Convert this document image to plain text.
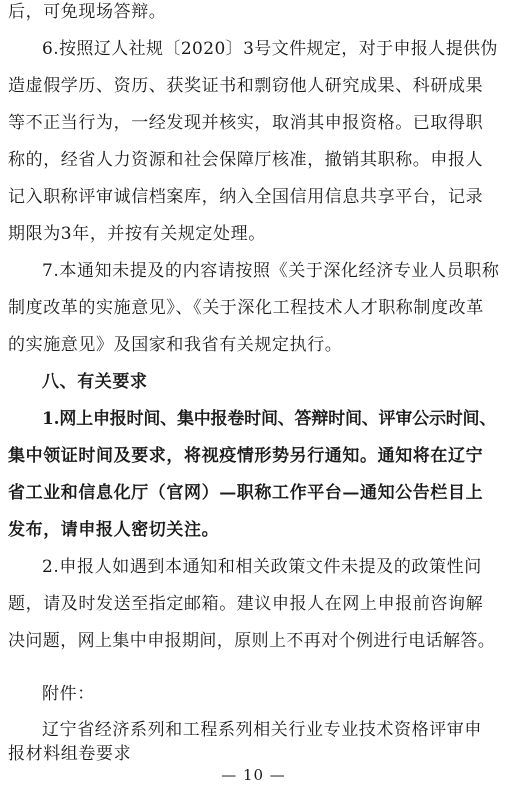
后，可免现场答辩。
6.按照辽人社规〔2020〕3号文件规定，对于申报人提供伪
造虚假学历、资历、获奖证书和剽窃他人研究成果、科研成果
等不正当行为，一经发现并核实，取消其申报资格。已取得职
称的，经省人力资源和社会保障厅核准，撤销其职称。申报人
记入职称评审诚信档案库，纳入全国信用信息共享平台，记录
期限为3年，并按有关规定处理。
7.本通知未提及的内容请按照《关于深化经济专业人员职称
制度改革的实施意见》、《关于深化工程技术人才职称制度改革
的实施意见》及国家和我省有关规定执行。
八、有关要求
1.网上申报时间、集中报卷时间、答辩时间、评审公示时间、
集中领证时间及要求，将视疫情形势另行通知。通知将在辽宁
省工业和信息化厅（官网）—职称工作平台—通知公告栏目上
发布，请申报人密切关注。
2.申报人如遇到本通知和相关政策文件未提及的政策性问
题，请及时发送至指定邮箱。建议申报人在网上申报前咨询解
决问题，网上集中申报期间，原则上不再对个例进行电话解答。
附件：
辽宁省经济系列和工程系列相关行业专业技术资格评审申
报材料组卷要求
— 10 —
